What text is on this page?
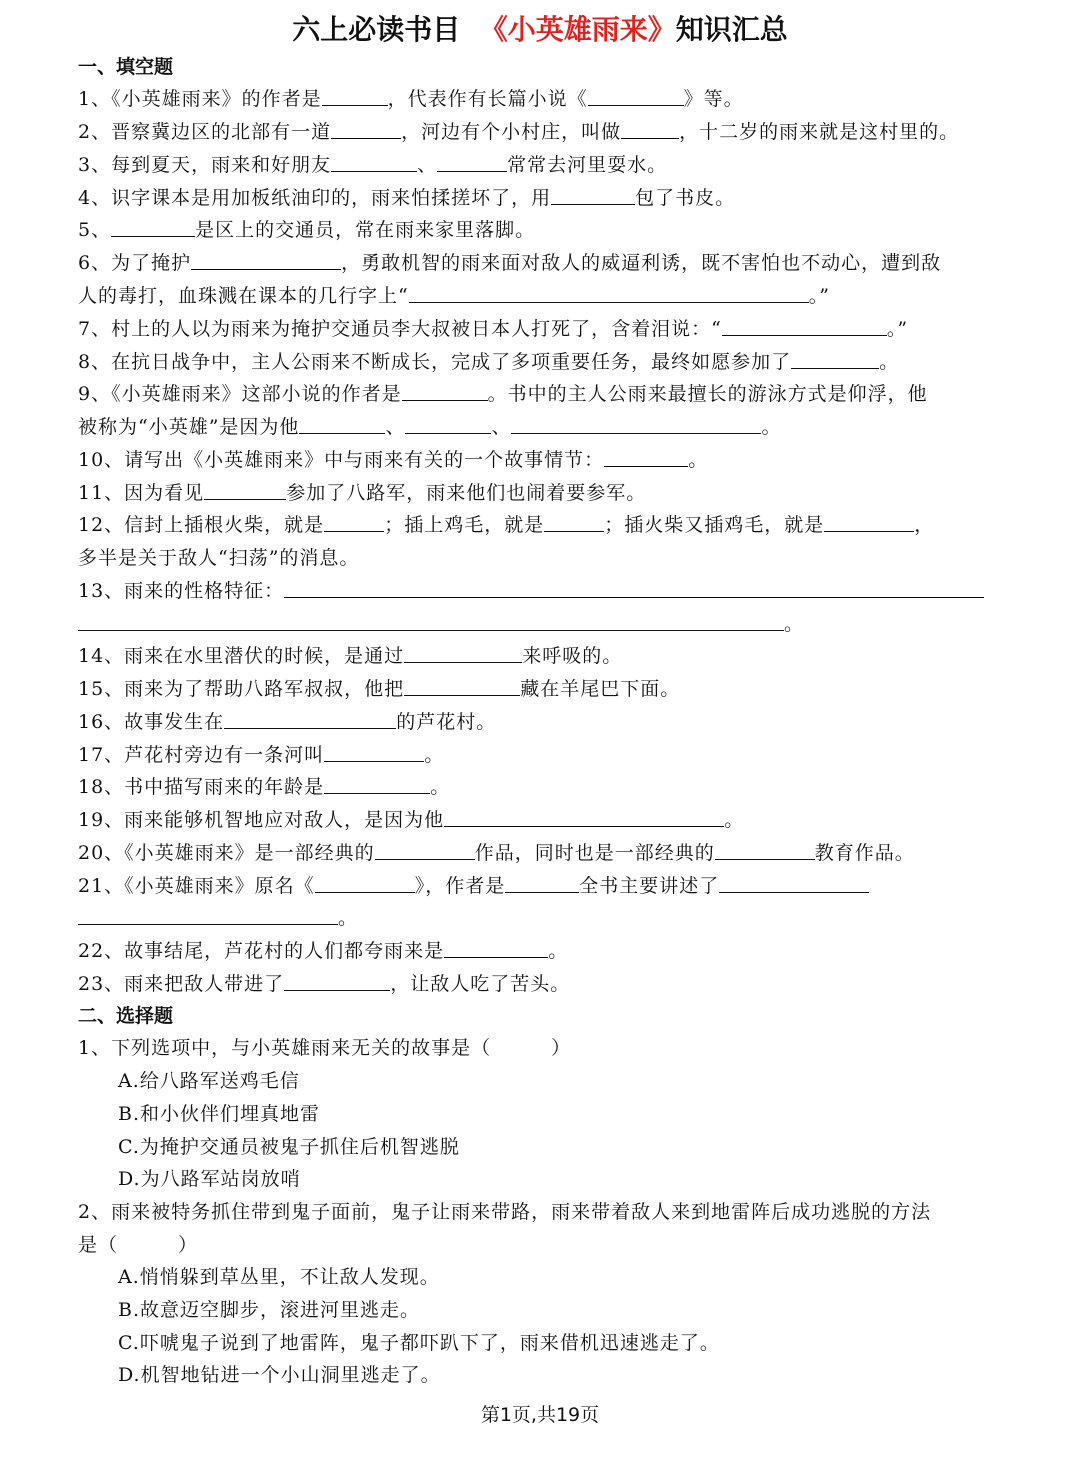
六上必读书目 《小英雄雨来》知识汇总
一、填空题
1、《小英雄雨来》的作者是	，代表作有长篇小说《	》等。
2、晋察冀边区的北部有一道	，河边有个小村庄，叫做	，十二岁的雨来就是这村里的。
3、每到夏天，雨来和好朋友	、	常常去河里耍水。
4、识字课本是用加板纸油印的，雨来怕揉搓坏了，用	包了书皮。
5、	是区上的交通员，常在雨来家里落脚。
6、为了掩护	，勇敢机智的雨来面对敌人的威逼利诱，既不害怕也不动心，遭到敌
人的毒打，血珠溅在课本的几行字上“	。”
7、村上的人以为雨来为掩护交通员李大叔被日本人打死了，含着泪说：“	。”
8、在抗日战争中，主人公雨来不断成长，完成了多项重要任务，最终如愿参加了	。
9、《小英雄雨来》这部小说的作者是	。书中的主人公雨来最擅长的游泳方式是仰浮，他
被称为“小英雄”是因为他	、	、	。
10、请写出《小英雄雨来》中与雨来有关的一个故事情节：	。
11、因为看见	参加了八路军，雨来他们也闹着要参军。
12、信封上插根火柴，就是	；插上鸡毛，就是	；插火柴又插鸡毛，就是	，
多半是关于敌人“扫荡”的消息。
13、雨来的性格特征：
。
14、雨来在水里潜伏的时候，是通过	来呼吸的。
15、雨来为了帮助八路军叔叔，他把	藏在羊尾巴下面。
16、故事发生在	的芦花村。
17、芦花村旁边有一条河叫	。
18、书中描写雨来的年龄是	。
19、雨来能够机智地应对敌人，是因为他	。
20、《小英雄雨来》是一部经典的	作品，同时也是一部经典的	教育作品。
21、《小英雄雨来》原名《	》，作者是	全书主要讲述了
。
22、故事结尾，芦花村的人们都夸雨来是	。
23、雨来把敌人带进了	，让敌人吃了苦头。
二、选择题
1、下列选项中，与小英雄雨来无关的故事是（　　　）
A.给八路军送鸡毛信
B.和小伙伴们埋真地雷
C.为掩护交通员被鬼子抓住后机智逃脱
D.为八路军站岗放哨
2、雨来被特务抓住带到鬼子面前，鬼子让雨来带路，雨来带着敌人来到地雷阵后成功逃脱的方法
是（　　　）
A.悄悄躲到草丛里，不让敌人发现。
B.故意迈空脚步，滚进河里逃走。
C.吓唬鬼子说到了地雷阵，鬼子都吓趴下了，雨来借机迅速逃走了。
D.机智地钻进一个小山洞里逃走了。
第1页,共19页
